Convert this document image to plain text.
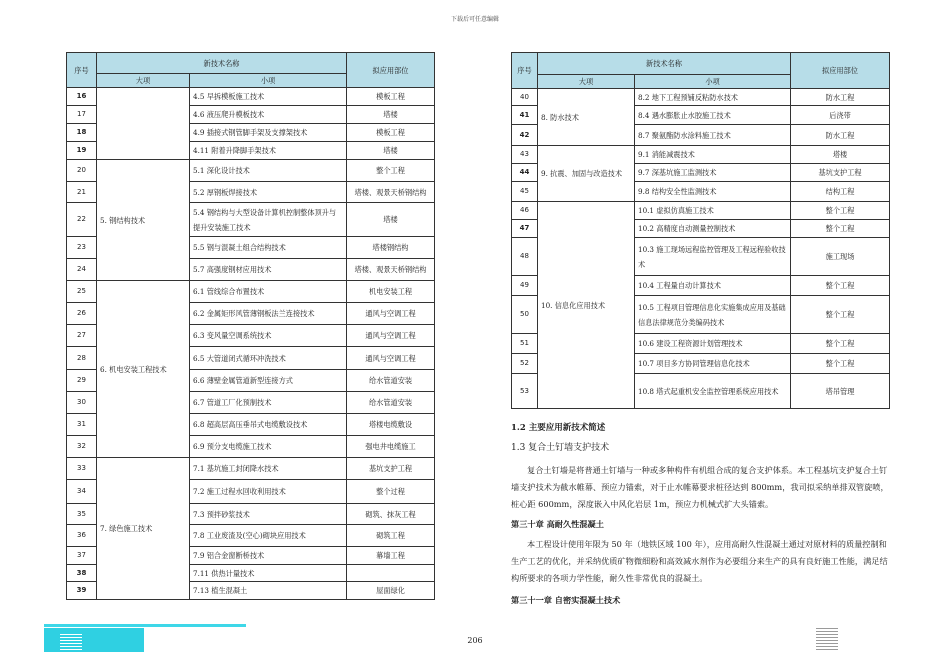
下载后可任意编辑
序号	新技术名称		拟应用部位
	大项	小项	
16		4.5 早拆模板施工技术	模板工程
17		4.6 液压爬升模板技术	塔楼
18		4.9 插接式钢管脚手架及支撑架技术	模板工程
19		4.11 附着升降脚手架技术	塔楼
20	5. 钢结构技术	5.1 深化设计技术	整个工程
21		5.2 厚钢板焊接技术	塔楼、观景天桥钢结构
22		5.4 钢结构与大型设备计算机控制整体顶升与提升安装施工技术	塔楼
23		5.5 钢与混凝土组合结构技术	塔楼钢结构
24		5.7 高强度钢材应用技术	塔楼、观景天桥钢结构
25	6. 机电安装工程技术	6.1 管线综合布置技术	机电安装工程
26		6.2 金属矩形风管薄钢板法兰连接技术	通风与空调工程
27		6.3 变风量空调系统技术	通风与空调工程
28		6.5 大管道闭式循环冲洗技术	通风与空调工程
29		6.6 薄壁金属管道新型连接方式	给水管道安装
30		6.7 管道工厂化预制技术	给水管道安装
31		6.8 超高层高压垂吊式电缆敷设技术	塔楼电缆敷设
32		6.9 预分支电缆施工技术	强电井电缆施工
33	7. 绿色施工技术	7.1 基坑施工封闭降水技术	基坑支护工程
34		7.2 施工过程水回收利用技术	整个过程
35		7.3 预拌砂浆技术	砌筑、抹灰工程
36		7.8 工业废渣及(空心)砌块应用技术	砌筑工程
37		7.9 铝合金窗断桥技术	幕墙工程
38		7.11 供热计量技术	
39		7.13 植生混凝土	屋面绿化
序号	新技术名称		拟应用部位
	大项	小项	
40	8. 防水技术	8.2 地下工程预铺反粘防水技术	防水工程
41		8.4 遇水膨胀止水胶施工技术	后浇带
42		8.7 聚氨酯防水涂料施工技术	防水工程
43	9. 抗震、加固与改造技术	9.1 消能减震技术	塔楼
44		9.7 深基坑施工监测技术	基坑支护工程
45		9.8 结构安全性监测技术	结构工程
46	10. 信息化应用技术	10.1 虚拟仿真施工技术	整个工程
47		10.2 高精度自动测量控制技术	整个工程
48		10.3 施工现场远程监控管理及工程远程验收技术	施工现场
49		10.4 工程量自动计算技术	整个工程
50		10.5 工程项目管理信息化实施集成应用及基础信息法律规范分类编码技术	整个工程
51		10.6 建设工程资源计划管理技术	整个工程
52		10.7 项目多方协同管理信息化技术	整个工程
53		10.8 塔式起重机安全监控管理系统应用技术	塔吊管理
1.2 主要应用新技术简述
1.3 复合土钉墙支护技术
复合土钉墙是将普通土钉墙与一种或多种构件有机组合成的复合支护体系。本工程基坑支护复合土钉墙支护技术为截水帷幕、预应力锚索，对于止水帷幕要求桩径达到 800mm，我司拟采纳单排双管旋喷，桩心距 600mm，深度嵌入中风化岩层 1m，预应力机械式扩大头锚索。
第三十章 高耐久性混凝土
本工程设计使用年限为 50 年（地铁区域 100 年），应用高耐久性混凝土通过对原材料的质量控制和生产工艺的优化，并采纳优质矿物微细粉和高效减水剂作为必要组分来生产的具有良好施工性能，满足结构所要求的各项力学性能，耐久性非常优良的混凝土。
第三十一章 自密实混凝土技术
206
